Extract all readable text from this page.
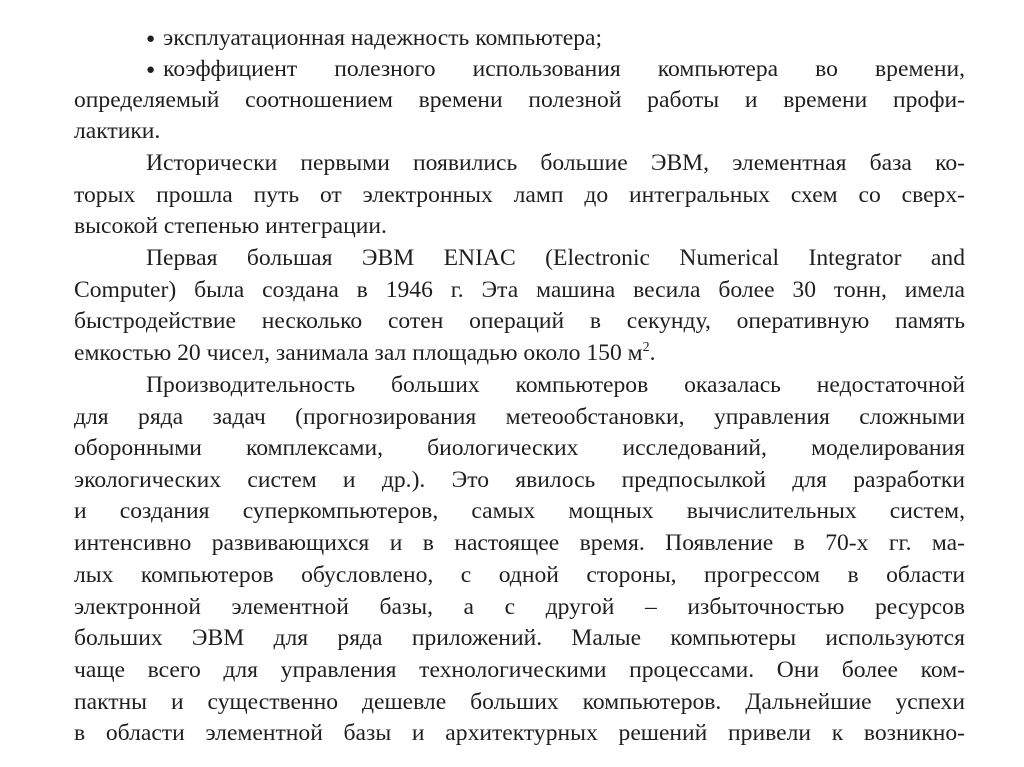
● эксплуатационная надежность компьютера;
● коэффициент полезного использования компьютера во времени,
определяемый соотношением времени полезной работы и времени профи-
лактики.
Исторически первыми появились большие ЭВМ, элементная база ко-
торых прошла путь от электронных ламп до интегральных схем со сверх-
высокой степенью интеграции.
Первая большая ЭВМ ENIAC (Electronic Numerical Integrator and
Computer) была создана в 1946 г. Эта машина весила более 30 тонн, имела
быстродействие несколько сотен операций в секунду, оперативную память
емкостью 20 чисел, занимала зал площадью около 150 $м^2$.
Производительность больших компьютеров оказалась недостаточной
для ряда задач (прогнозирования метеообстановки, управления сложными
оборонными комплексами, биологических исследований, моделирования
экологических систем и др.). Это явилось предпосылкой для разработки
и создания суперкомпьютеров, самых мощных вычислительных систем,
интенсивно развивающихся и в настоящее время. Появление в 70-х гг. ма-
лых компьютеров обусловлено, с одной стороны, прогрессом в области
электронной элементной базы, а с другой – избыточностью ресурсов
больших ЭВМ для ряда приложений. Малые компьютеры используются
чаще всего для управления технологическими процессами. Они более ком-
пактны и существенно дешевле больших компьютеров. Дальнейшие успехи
в области элементной базы и архитектурных решений привели к возникно-
